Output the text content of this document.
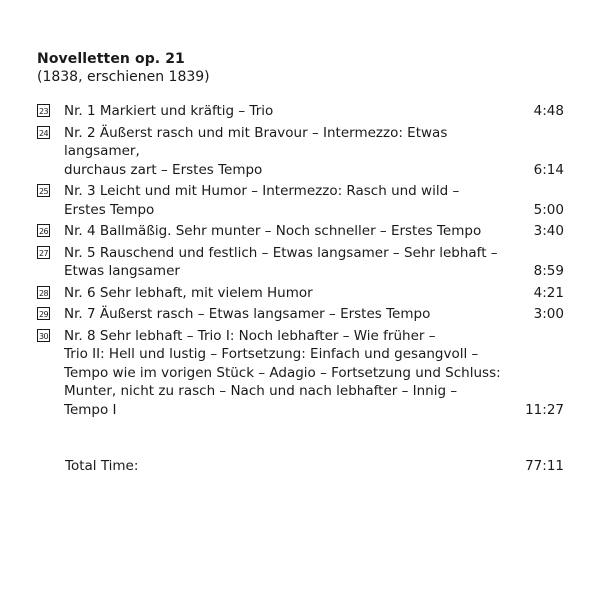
Novelletten op. 21
(1838, erschienen 1839)
23 Nr. 1 Markiert und kräftig – Trio	4:48
24 Nr. 2 Äußerst rasch und mit Bravour – Intermezzo: Etwas langsamer,
durchaus zart – Erstes Tempo	6:14
25 Nr. 3 Leicht und mit Humor – Intermezzo: Rasch und wild –
Erstes Tempo	5:00
26 Nr. 4 Ballmäßig. Sehr munter – Noch schneller – Erstes Tempo	3:40
27 Nr. 5 Rauschend und festlich – Etwas langsamer – Sehr lebhaft –
Etwas langsamer	8:59
28 Nr. 6 Sehr lebhaft, mit vielem Humor	4:21
29 Nr. 7 Äußerst rasch – Etwas langsamer – Erstes Tempo	3:00
30 Nr. 8 Sehr lebhaft – Trio I: Noch lebhafter – Wie früher –
Trio II: Hell und lustig – Fortsetzung: Einfach und gesangvoll –
Tempo wie im vorigen Stück – Adagio – Fortsetzung und Schluss:
Munter, nicht zu rasch – Nach und nach lebhafter – Innig –
Tempo I	11:27
Total Time:	77:11
